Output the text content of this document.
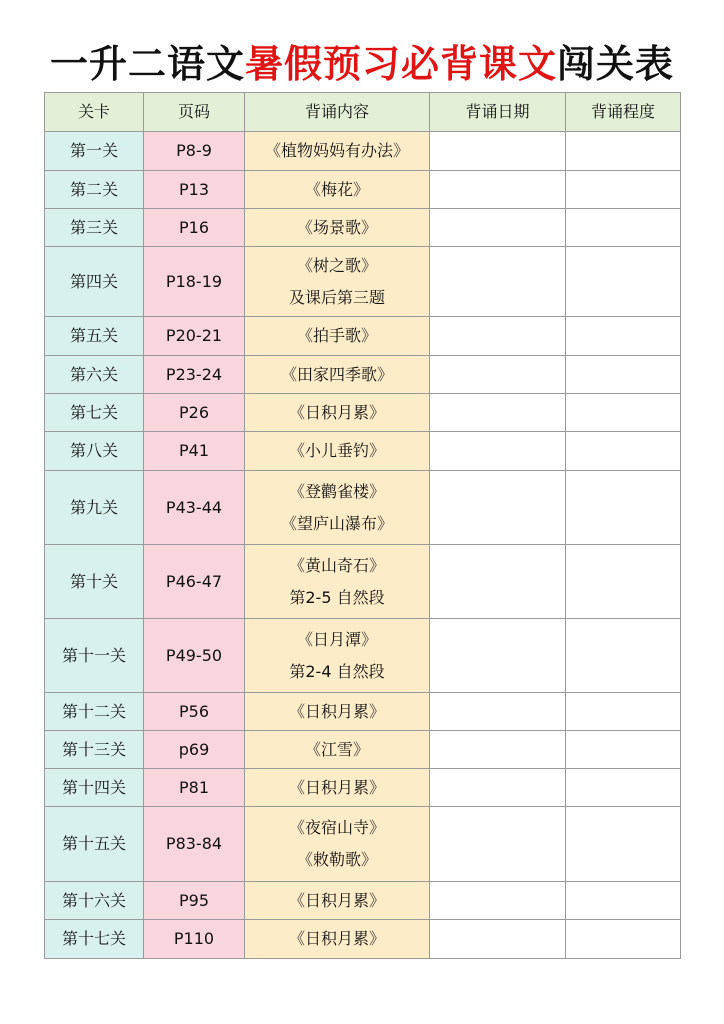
一升二语文暑假预习必背课文闯关表
关卡	页码	背诵内容	背诵日期	背诵程度
第一关	P8-9	《植物妈妈有办法》		

第二关	P13	《梅花》		

第三关	P16	《场景歌》		

第四关	P18-19	《树之歌》
及课后第三题		

第五关	P20-21	《拍手歌》		

第六关	P23-24	《田家四季歌》		

第七关	P26	《日积月累》		

第八关	P41	《小儿垂钓》		

第九关	P43-44	《登鹳雀楼》
《望庐山瀑布》		

第十关	P46-47	《黄山奇石》
第2-5 自然段		

第十一关	P49-50	《日月潭》
第2-4 自然段		

第十二关	P56	《日积月累》		

第十三关	p69	《江雪》		

第十四关	P81	《日积月累》		

第十五关	P83-84	《夜宿山寺》
《敕勒歌》		

第十六关	P95	《日积月累》		

第十七关	P110	《日积月累》		
